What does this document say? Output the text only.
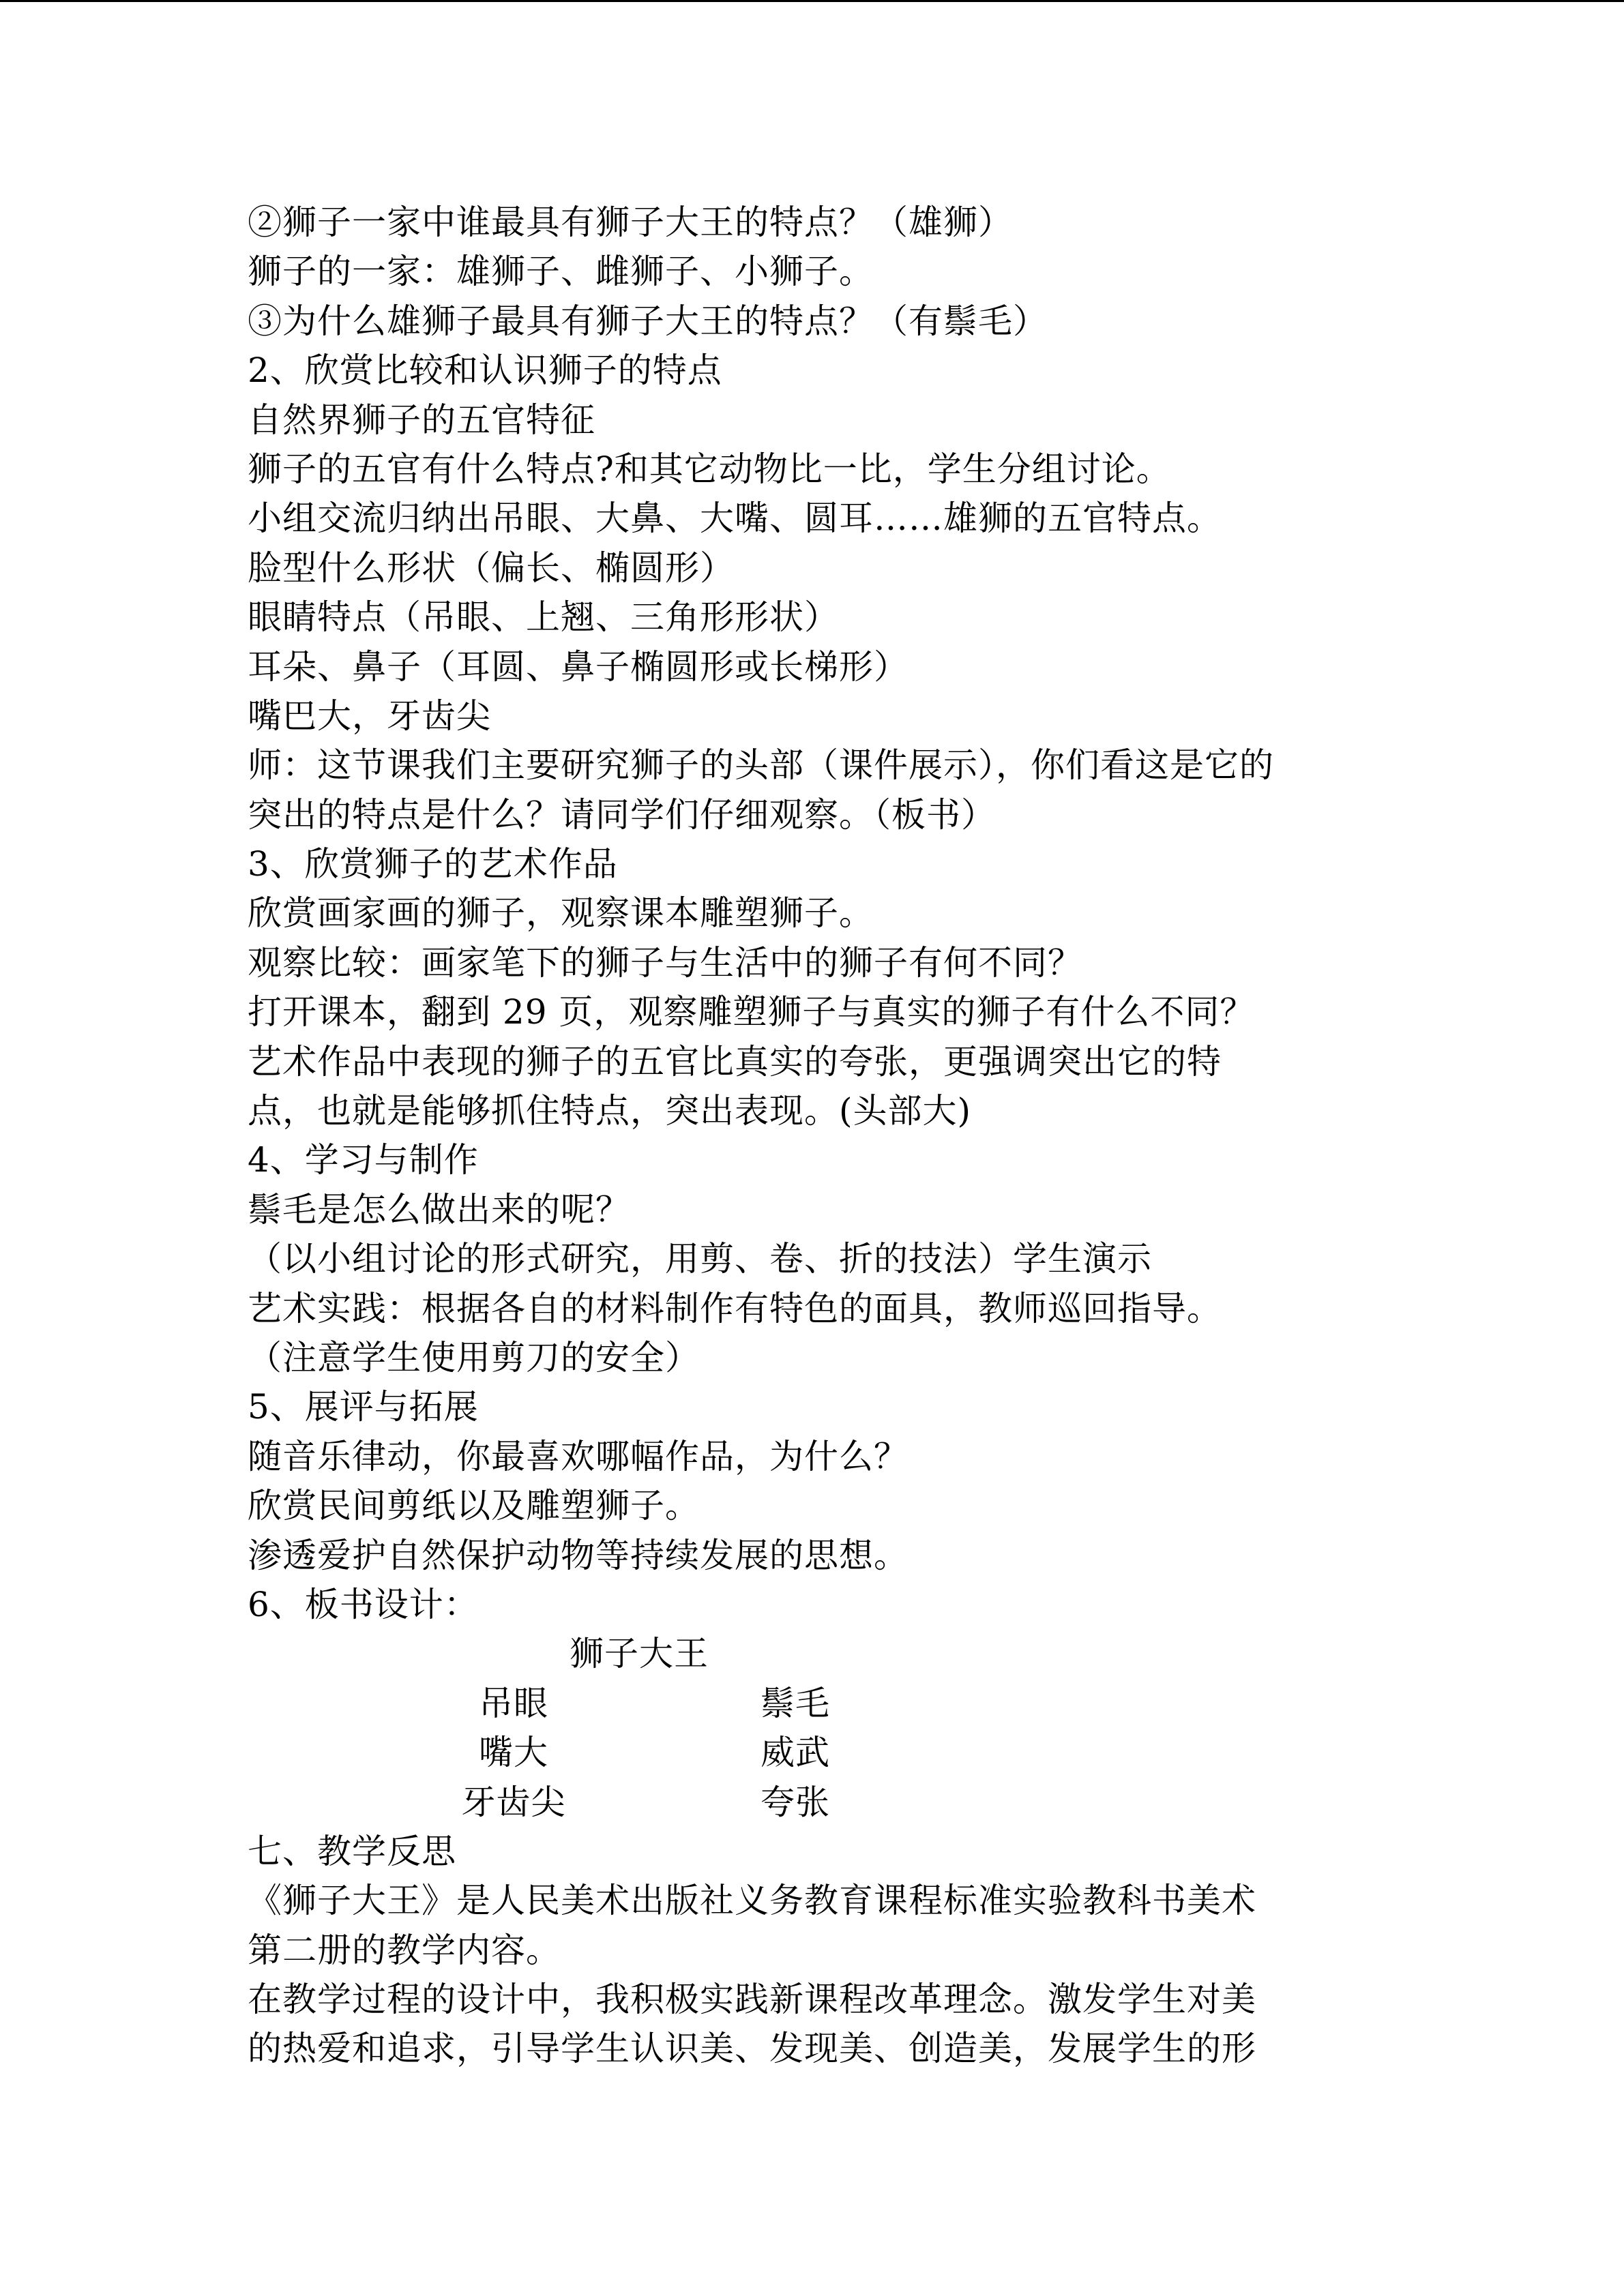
②狮子一家中谁最具有狮子大王的特点？（雄狮）
狮子的一家：雄狮子、雌狮子、小狮子。
③为什么雄狮子最具有狮子大王的特点？（有鬃毛）
2、欣赏比较和认识狮子的特点
自然界狮子的五官特征
狮子的五官有什么特点?和其它动物比一比，学生分组讨论。
小组交流归纳出吊眼、大鼻、大嘴、圆耳……雄狮的五官特点。
脸型什么形状（偏长、椭圆形）
眼睛特点（吊眼、上翘、三角形形状）
耳朵、鼻子（耳圆、鼻子椭圆形或长梯形）
嘴巴大，牙齿尖
师：这节课我们主要研究狮子的头部（课件展示），你们看这是它的
突出的特点是什么？请同学们仔细观察。（板书）
3、欣赏狮子的艺术作品
欣赏画家画的狮子，观察课本雕塑狮子。
观察比较：画家笔下的狮子与生活中的狮子有何不同？
打开课本，翻到 29 页，观察雕塑狮子与真实的狮子有什么不同？
艺术作品中表现的狮子的五官比真实的夸张，更强调突出它的特
点，也就是能够抓住特点，突出表现。(头部大)
4、学习与制作
鬃毛是怎么做出来的呢？
（以小组讨论的形式研究，用剪、卷、折的技法）学生演示
艺术实践：根据各自的材料制作有特色的面具，教师巡回指导。
（注意学生使用剪刀的安全）
5、展评与拓展
随音乐律动，你最喜欢哪幅作品，为什么？
欣赏民间剪纸以及雕塑狮子。
渗透爱护自然保护动物等持续发展的思想。
6、板书设计：
狮子大王
吊眼	鬃毛
嘴大	威武
牙齿尖	夸张
七、教学反思
《狮子大王》是人民美术出版社义务教育课程标准实验教科书美术
第二册的教学内容。
在教学过程的设计中，我积极实践新课程改革理念。激发学生对美
的热爱和追求，引导学生认识美、发现美、创造美，发展学生的形
